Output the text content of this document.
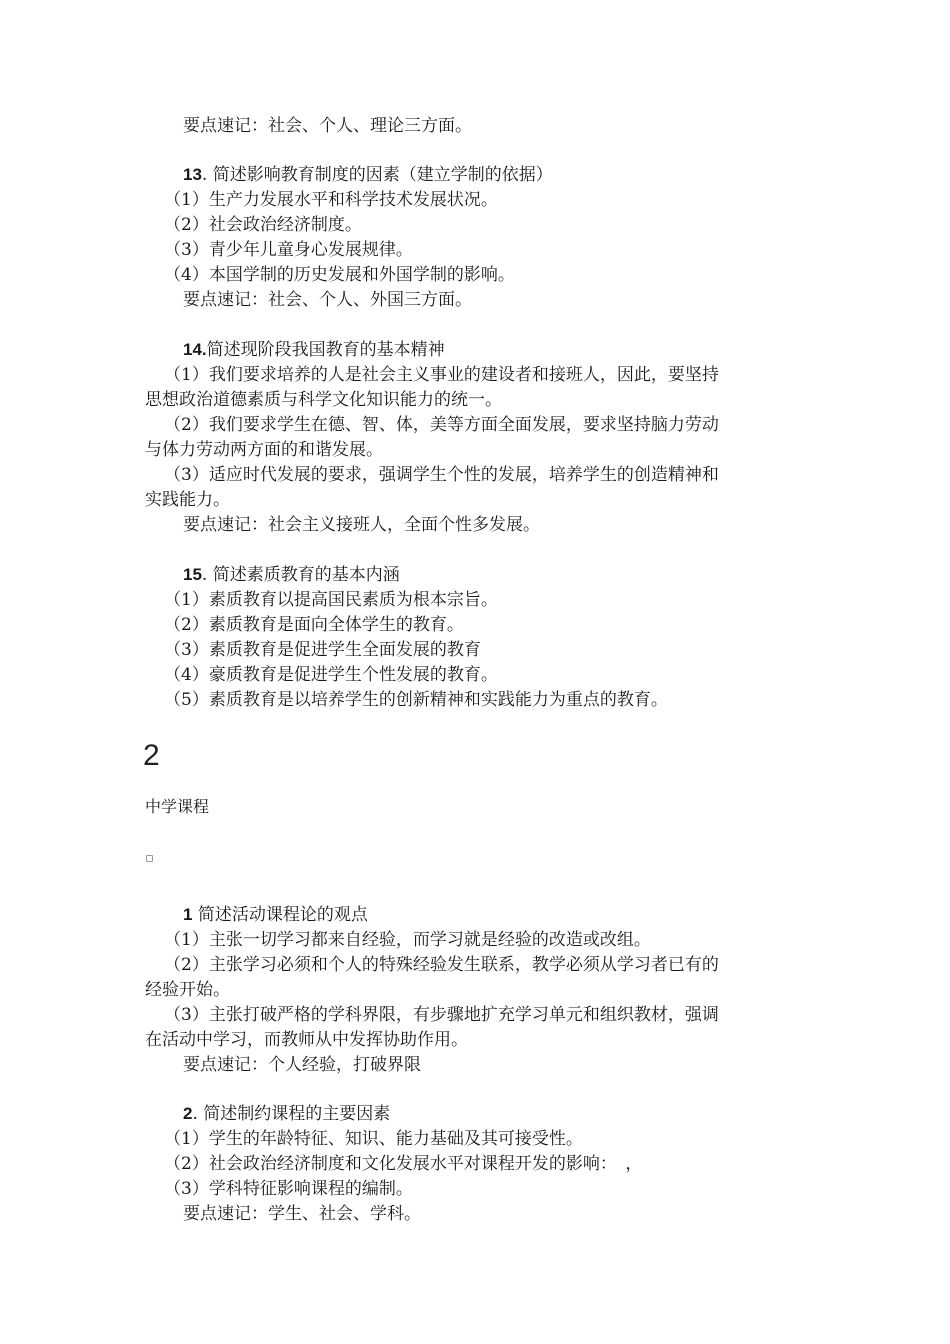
要点速记：社会、个人、理论三方面。
13. 简述影响教育制度的因素（建立学制的依据）
（1）生产力发展水平和科学技术发展状况。
（2）社会政治经济制度。
（3）青少年儿童身心发展规律。
（4）本国学制的历史发展和外国学制的影响。
要点速记：社会、个人、外国三方面。
14.简述现阶段我国教育的基本精神
（1）我们要求培养的人是社会主义事业的建设者和接班人，因此，要坚持
思想政治道德素质与科学文化知识能力的统一。
（2）我们要求学生在德、智、体，美等方面全面发展，要求坚持脑力劳动
与体力劳动两方面的和谐发展。
（3）适应时代发展的要求，强调学生个性的发展，培养学生的创造精神和
实践能力。
要点速记：社会主义接班人，全面个性多发展。
15. 简述素质教育的基本内涵
（1）素质教育以提高国民素质为根本宗旨。
（2）素质教育是面向全体学生的教育。
（3）素质教育是促进学生全面发展的教育
（4）豪质教育是促进学生个性发展的教育。
（5）素质教育是以培养学生的创新精神和实践能力为重点的教育。
2
中学课程
1 简述活动课程论的观点
（1）主张一切学习都来自经验，而学习就是经验的改造或改组。
（2）主张学习必须和个人的特殊经验发生联系，教学必须从学习者已有的
经验开始。
（3）主张打破严格的学科界限，有步骤地扩充学习单元和组织教材，强调
在活动中学习，而教师从中发挥协助作用。
要点速记：个人经验，打破界限
2. 简述制约课程的主要因素
（1）学生的年龄特征、知识、能力基础及其可接受性。
（2）社会政治经济制度和文化发展水平对课程开发的影响：　，
（3）学科特征影响课程的编制。
要点速记：学生、社会、学科。
